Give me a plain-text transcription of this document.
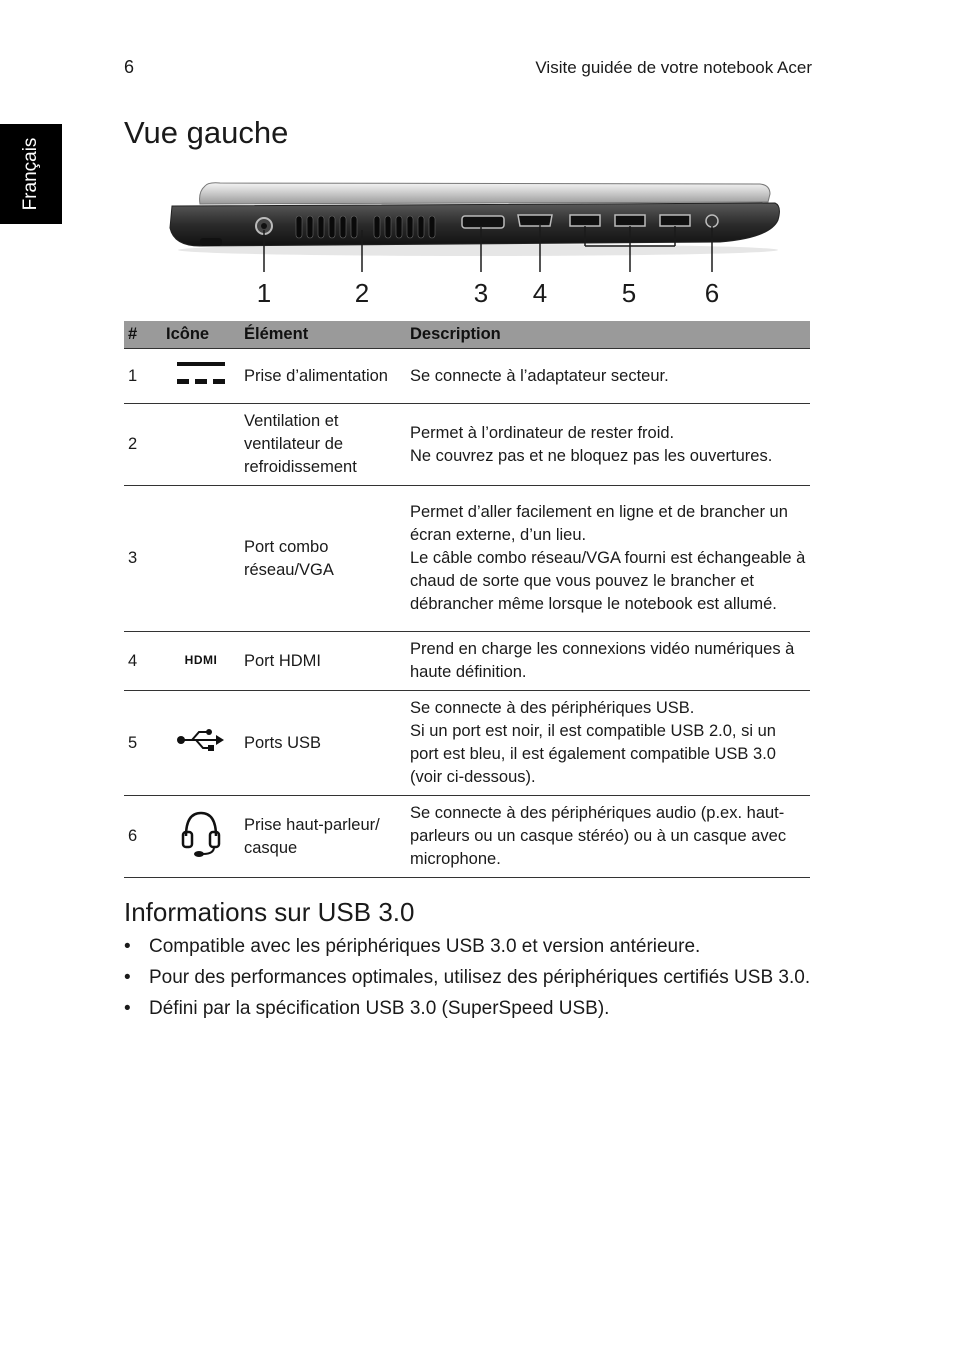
6	Visite guidée de votre notebook Acer
Français
Vue gauche
1	2	3 4	5	6
#	Icône	Élément	Description
1		Prise d’alimentation	Se connecte à l’adaptateur secteur.

2		Ventilation et ventilateur de refroidissement	Permet à l’ordinateur de rester froid.
Ne couvrez pas et ne bloquez pas les ouvertures.

3		Port combo réseau/VGA	Permet d’aller facilement en ligne et de brancher un écran externe, d’un lieu.
Le câble combo réseau/VGA fourni est échangeable à chaud de sorte que vous pouvez le brancher et débrancher même lorsque le notebook est allumé.

4	HDMI	Port HDMI	Prend en charge les connexions vidéo numériques à haute définition.

5		Ports USB	Se connecte à des périphériques USB.
Si un port est noir, il est compatible USB 2.0, si un port est bleu, il est également compatible USB 3.0 (voir ci-dessous).

6		Prise haut-parleur/ casque	Se connecte à des périphériques audio (p.ex. haut-parleurs ou un casque stéréo) ou à un casque avec microphone.
Informations sur USB 3.0
• Compatible avec les périphériques USB 3.0 et version antérieure.
• Pour des performances optimales, utilisez des périphériques certifiés USB 3.0.
• Défini par la spécification USB 3.0 (SuperSpeed USB).
